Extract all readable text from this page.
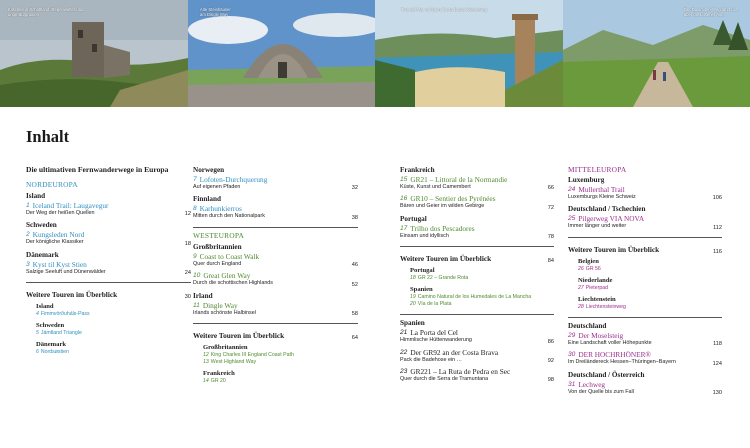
Klischee in Schottland: Regenwetter und
urige Burgruinen
Alte Steinhäuser
am Dingle Way
Tore del Mar auf dem Costa-Brava-Küstenweg	Der Dolomiten-Weg führt uns
über die Lüsener Alm.
Inhalt
Die ultimativen Fernwanderwege in Europa
NORDEUROPA
Island
1 Iceland Trail: Laugavegur
Der Weg der heißen Quellen	12
Schweden
2 Kungsleden Nord
Der königliche Klassiker	18
Dänemark
3 Kyst til Kyst Stien
Salzige Seeluft und Dünenwälder	24
Weitere Touren im Überblick	30
Island
4 Fimmvörðuháls-Pass
Schweden
5 Jämtland Triangle
Dänemark
6 Nordsøstien
Norwegen
7 Lofoten-Durchquerung
Auf eigenen Pfaden	32
Finnland
8 Karhunkierros
Mitten durch den Nationalpark	38
WESTEUROPA
Großbritannien
9 Coast to Coast Walk
Quer durch England	46
10 Great Glen Way
Durch die schottischen Highlands	52
Irland
11 Dingle Way
Irlands schönste Halbinsel	58
Weitere Touren im Überblick	64
Großbritannien
12 King Charles III England Coast Path
13 West Highland Way
Frankreich
14 GR 20
Frankreich
15 GR21 – Littoral de la Normandie
Küste, Kunst und Camembert	66
16 GR10 – Sentier des Pyrénées
Bären und Geier im wilden Gebirge	72
Portugal
17 Trilho dos Pescadores
Einsam und idyllisch	78
Weitere Touren im Überblick	84
Portugal
18 GR 22 – Grande Rota
Spanien
19 Camino Natural de los Humedales de La Mancha
20 Vía de la Plata
Spanien
21 La Porta del Cel
Himmlische Hüttenwanderung	86
22 Der GR92 an der Costa Brava
Pack die Badehose ein …	92
23 GR221 – La Ruta de Pedra en Sec
Quer durch die Serra de Tramuntana	98
MITTELEUROPA
Luxemburg
24 Mullerthal Trail
Luxemburgs Kleine Schweiz	106
Deutschland / Tschechien
25 Pilgerweg VIA NOVA
Immer länger und weiter	112
Weitere Touren im Überblick	116
Belgien
26 GR 56
Niederlande
27 Pieterpad
Liechtenstein
28 Liechtensteinweg
Deutschland
29 Der Moselsteig
Eine Landschaft voller Höhepunkte	118
30 DER HOCHRHÖNER®
Im Dreiländereck Hessen–Thüringen–Bayern	124
Deutschland / Österreich
31 Lechweg
Von der Quelle bis zum Fall	130
